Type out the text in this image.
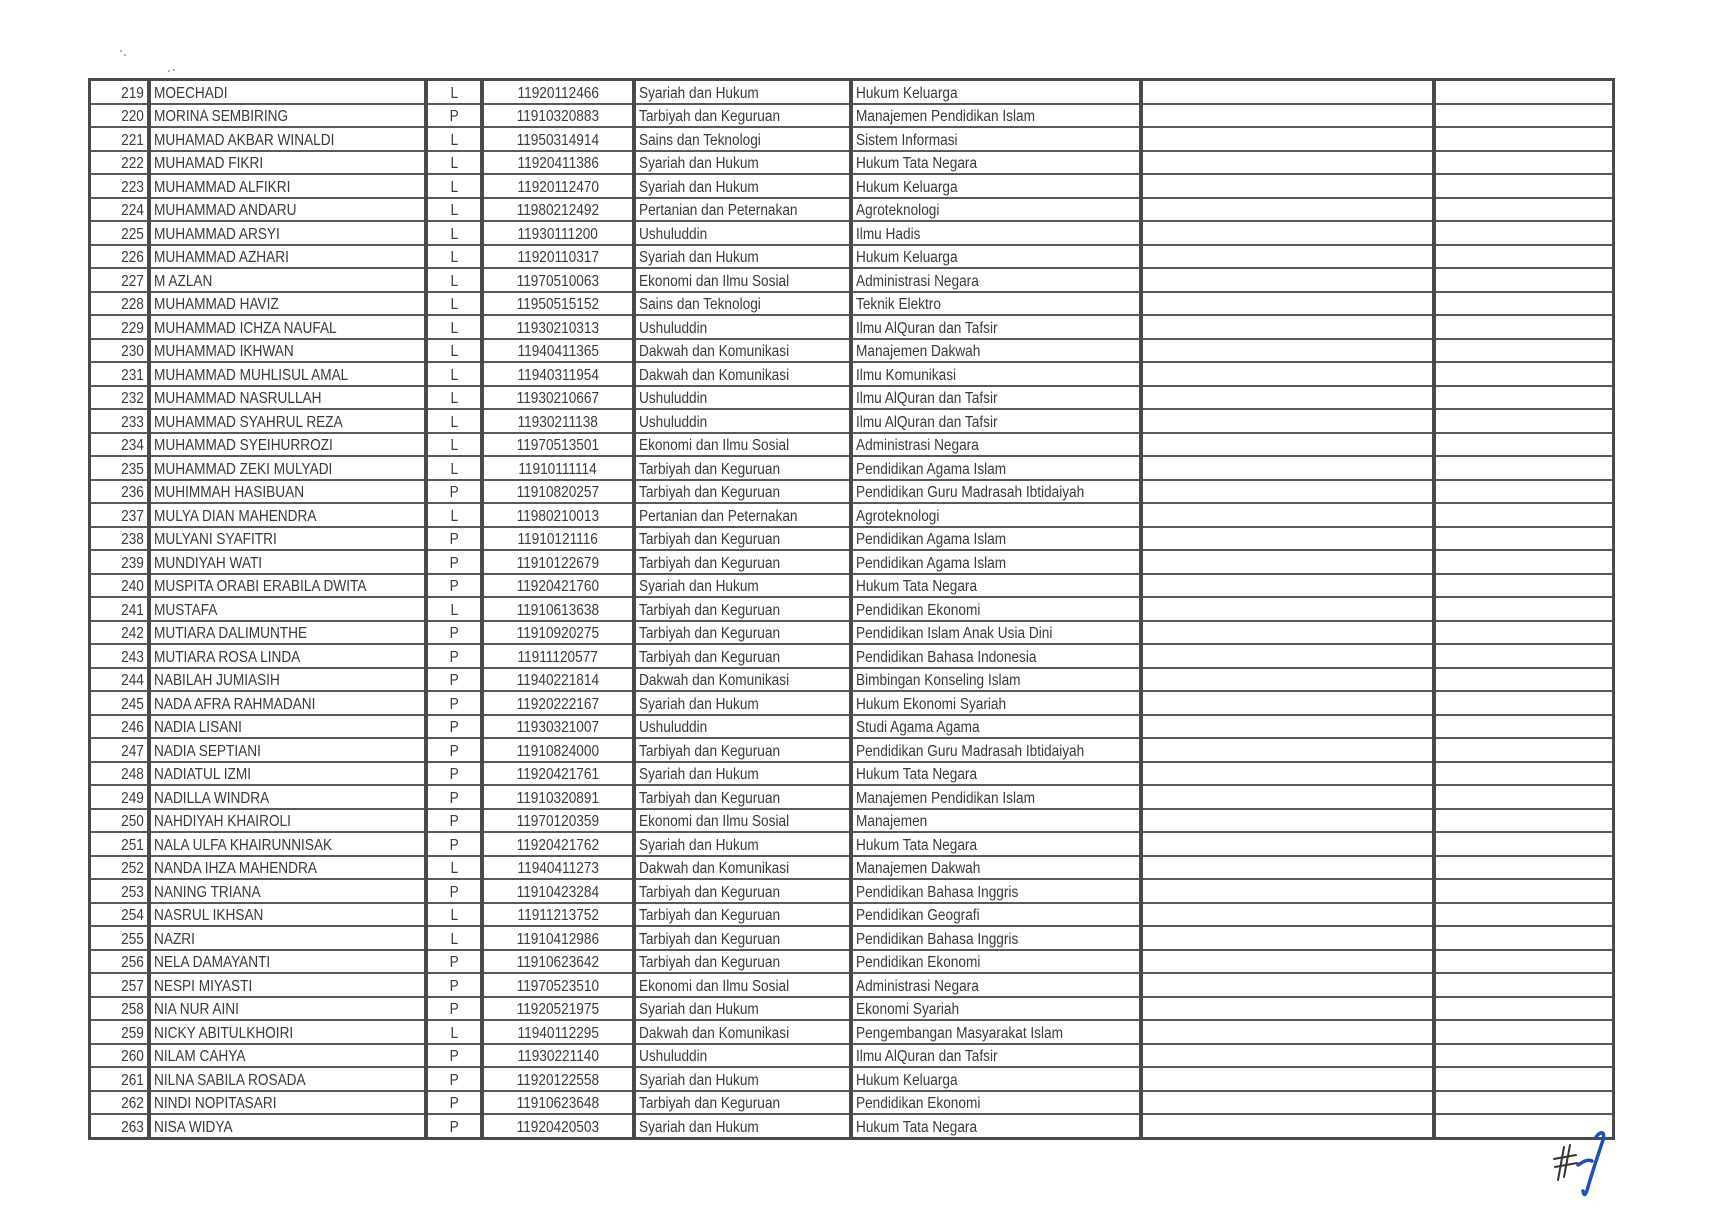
219	MOECHADI	L	11920112466	Syariah dan Hukum	Hukum Keluarga		
220	MORINA SEMBIRING	P	11910320883	Tarbiyah dan Keguruan	Manajemen Pendidikan Islam		
221	MUHAMAD AKBAR WINALDI	L	11950314914	Sains dan Teknologi	Sistem Informasi		
222	MUHAMAD FIKRI	L	11920411386	Syariah dan Hukum	Hukum Tata Negara		
223	MUHAMMAD ALFIKRI	L	11920112470	Syariah dan Hukum	Hukum Keluarga		
224	MUHAMMAD ANDARU	L	11980212492	Pertanian dan Peternakan	Agroteknologi		
225	MUHAMMAD ARSYI	L	11930111200	Ushuluddin	Ilmu Hadis		
226	MUHAMMAD AZHARI	L	11920110317	Syariah dan Hukum	Hukum Keluarga		
227	M AZLAN	L	11970510063	Ekonomi dan Ilmu Sosial	Administrasi Negara		
228	MUHAMMAD HAVIZ	L	11950515152	Sains dan Teknologi	Teknik Elektro		
229	MUHAMMAD ICHZA NAUFAL	L	11930210313	Ushuluddin	Ilmu AlQuran dan Tafsir		
230	MUHAMMAD IKHWAN	L	11940411365	Dakwah dan Komunikasi	Manajemen Dakwah		
231	MUHAMMAD MUHLISUL AMAL	L	11940311954	Dakwah dan Komunikasi	Ilmu Komunikasi		
232	MUHAMMAD NASRULLAH	L	11930210667	Ushuluddin	Ilmu AlQuran dan Tafsir		
233	MUHAMMAD SYAHRUL REZA	L	11930211138	Ushuluddin	Ilmu AlQuran dan Tafsir		
234	MUHAMMAD SYEIHURROZI	L	11970513501	Ekonomi dan Ilmu Sosial	Administrasi Negara		
235	MUHAMMAD ZEKI MULYADI	L	11910111114	Tarbiyah dan Keguruan	Pendidikan Agama Islam		
236	MUHIMMAH HASIBUAN	P	11910820257	Tarbiyah dan Keguruan	Pendidikan Guru Madrasah Ibtidaiyah		
237	MULYA DIAN MAHENDRA	L	11980210013	Pertanian dan Peternakan	Agroteknologi		
238	MULYANI SYAFITRI	P	11910121116	Tarbiyah dan Keguruan	Pendidikan Agama Islam		
239	MUNDIYAH WATI	P	11910122679	Tarbiyah dan Keguruan	Pendidikan Agama Islam		
240	MUSPITA ORABI ERABILA DWITA	P	11920421760	Syariah dan Hukum	Hukum Tata Negara		
241	MUSTAFA	L	11910613638	Tarbiyah dan Keguruan	Pendidikan Ekonomi		
242	MUTIARA DALIMUNTHE	P	11910920275	Tarbiyah dan Keguruan	Pendidikan Islam Anak Usia Dini		
243	MUTIARA ROSA LINDA	P	11911120577	Tarbiyah dan Keguruan	Pendidikan Bahasa Indonesia		
244	NABILAH JUMIASIH	P	11940221814	Dakwah dan Komunikasi	Bimbingan Konseling Islam		
245	NADA AFRA RAHMADANI	P	11920222167	Syariah dan Hukum	Hukum Ekonomi Syariah		
246	NADIA LISANI	P	11930321007	Ushuluddin	Studi Agama Agama		
247	NADIA SEPTIANI	P	11910824000	Tarbiyah dan Keguruan	Pendidikan Guru Madrasah Ibtidaiyah		
248	NADIATUL IZMI	P	11920421761	Syariah dan Hukum	Hukum Tata Negara		
249	NADILLA WINDRA	P	11910320891	Tarbiyah dan Keguruan	Manajemen Pendidikan Islam		
250	NAHDIYAH KHAIROLI	P	11970120359	Ekonomi dan Ilmu Sosial	Manajemen		
251	NALA ULFA KHAIRUNNISAK	P	11920421762	Syariah dan Hukum	Hukum Tata Negara		
252	NANDA IHZA MAHENDRA	L	11940411273	Dakwah dan Komunikasi	Manajemen Dakwah		
253	NANING TRIANA	P	11910423284	Tarbiyah dan Keguruan	Pendidikan Bahasa Inggris		
254	NASRUL IKHSAN	L	11911213752	Tarbiyah dan Keguruan	Pendidikan Geografi		
255	NAZRI	L	11910412986	Tarbiyah dan Keguruan	Pendidikan Bahasa Inggris		
256	NELA DAMAYANTI	P	11910623642	Tarbiyah dan Keguruan	Pendidikan Ekonomi		
257	NESPI MIYASTI	P	11970523510	Ekonomi dan Ilmu Sosial	Administrasi Negara		
258	NIA NUR AINI	P	11920521975	Syariah dan Hukum	Ekonomi Syariah		
259	NICKY ABITULKHOIRI	L	11940112295	Dakwah dan Komunikasi	Pengembangan Masyarakat Islam		
260	NILAM CAHYA	P	11930221140	Ushuluddin	Ilmu AlQuran dan Tafsir		
261	NILNA SABILA ROSADA	P	11920122558	Syariah dan Hukum	Hukum Keluarga		
262	NINDI NOPITASARI	P	11910623648	Tarbiyah dan Keguruan	Pendidikan Ekonomi		
263	NISA WIDYA	P	11920420503	Syariah dan Hukum	Hukum Tata Negara		
